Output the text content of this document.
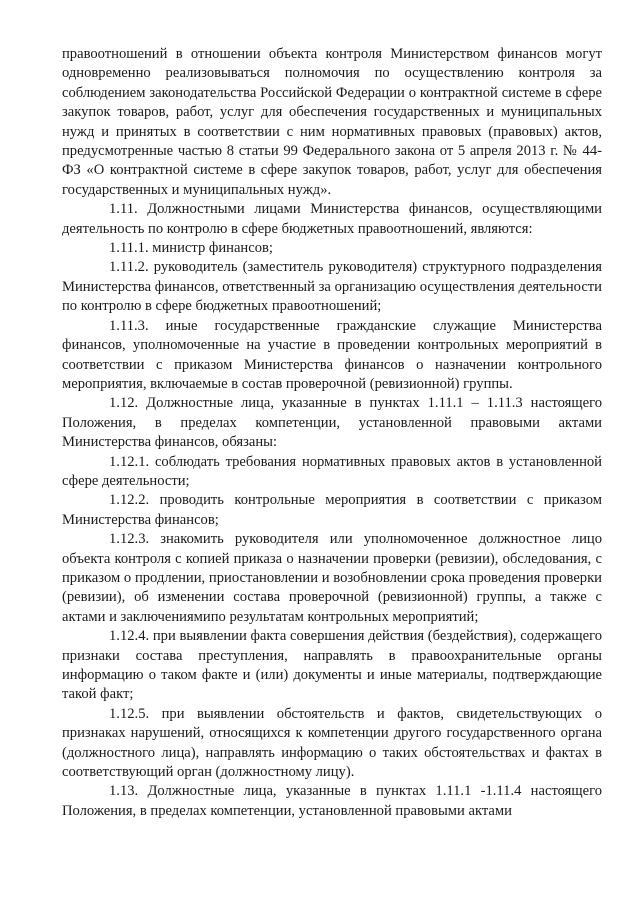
правоотношений в отношении объекта контроля Министерством финансов могут одновременно реализовываться полномочия по осуществлению контроля за соблюдением законодательства Российской Федерации о контрактной системе в сфере закупок товаров, работ, услуг для обеспечения государственных и муниципальных нужд и принятых в соответствии с ним нормативных правовых (правовых) актов, предусмотренные частью 8 статьи 99 Федерального закона от 5 апреля 2013 г. № 44-ФЗ «О контрактной системе в сфере закупок товаров, работ, услуг для обеспечения государственных и муниципальных нужд».

1.11. Должностными лицами Министерства финансов, осуществляющими деятельность по контролю в сфере бюджетных правоотношений, являются:

1.11.1. министр финансов;

1.11.2. руководитель (заместитель руководителя) структурного подразделения Министерства финансов, ответственный за организацию осуществления деятельности по контролю в сфере бюджетных правоотношений;

1.11.3. иные государственные гражданские служащие Министерства финансов, уполномоченные на участие в проведении контрольных мероприятий в соответствии с приказом Министерства финансов о назначении контрольного мероприятия, включаемые в состав проверочной (ревизионной) группы.

1.12. Должностные лица, указанные в пунктах 1.11.1 – 1.11.3 настоящего Положения, в пределах компетенции, установленной правовыми актами Министерства финансов, обязаны:

1.12.1. соблюдать требования нормативных правовых актов в установленной сфере деятельности;

1.12.2. проводить контрольные мероприятия в соответствии с приказом Министерства финансов;

1.12.3. знакомить руководителя или уполномоченное должностное лицо объекта контроля с копией приказа о назначении проверки (ревизии), обследования, с приказом о продлении, приостановлении и возобновлении срока проведения проверки (ревизии), об изменении состава проверочной (ревизионной) группы, а также с актами и заключениямипо результатам контрольных мероприятий;

1.12.4. при выявлении факта совершения действия (бездействия), содержащего признаки состава преступления, направлять в правоохранительные органы информацию о таком факте и (или) документы и иные материалы, подтверждающие такой факт;

1.12.5. при выявлении обстоятельств и фактов, свидетельствующих о признаках нарушений, относящихся к компетенции другого государственного органа (должностного лица), направлять информацию о таких обстоятельствах и фактах в соответствующий орган (должностному лицу).

1.13. Должностные лица, указанные в пунктах 1.11.1 -1.11.4 настоящего Положения, в пределах компетенции, установленной правовыми актами
